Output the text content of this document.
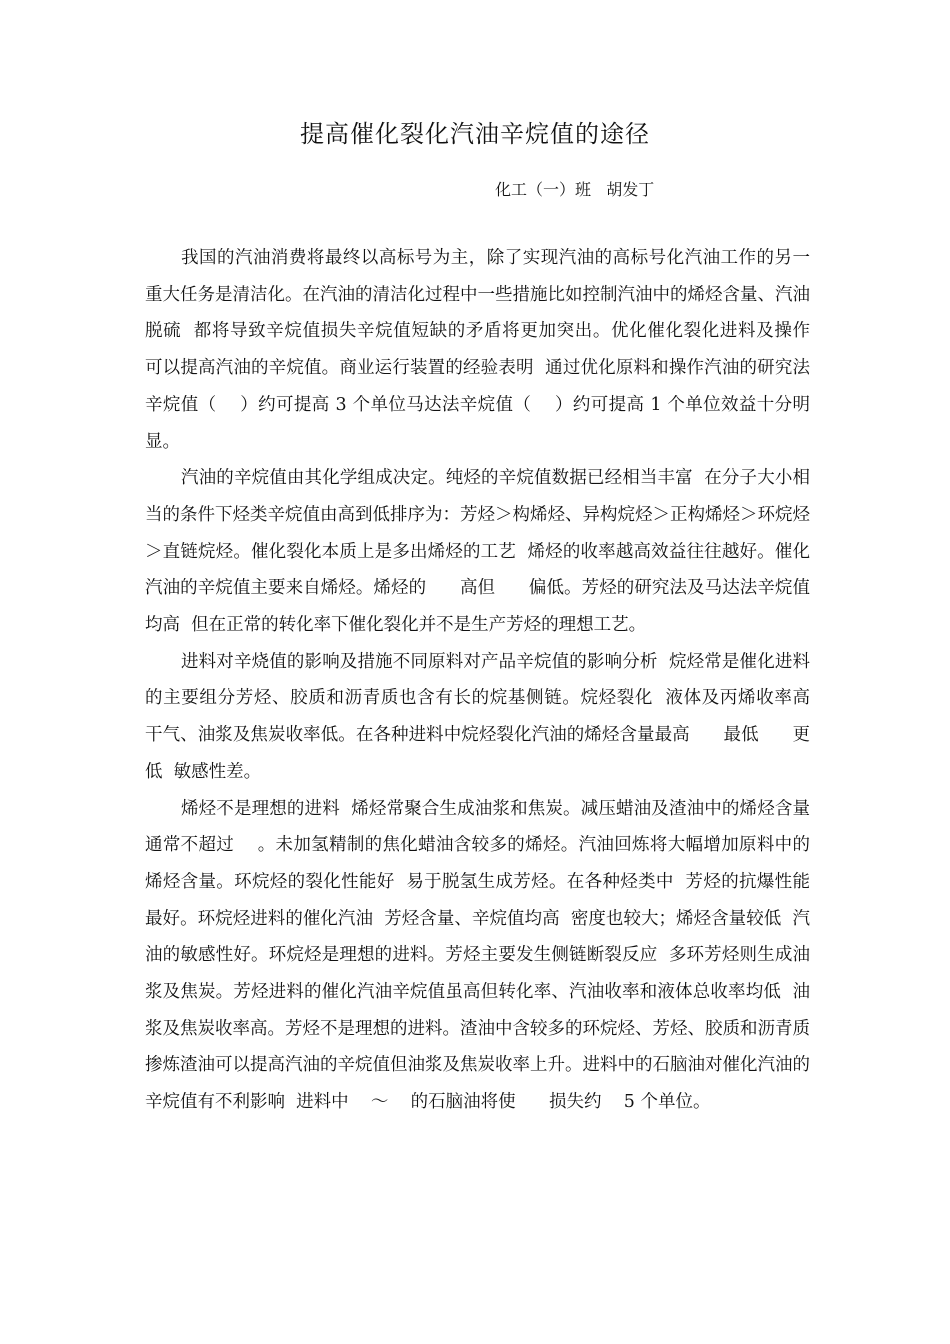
提高催化裂化汽油辛烷值的途径
化工（一）班   胡发丁

我国的汽油消费将最终以高标号为主，除了实现汽油的高标号化汽油工作的另一重大任务是清洁化。在汽油的清洁化过程中一些措施比如控制汽油中的烯烃含量、汽油脱硫  都将导致辛烷值损失辛烷值短缺的矛盾将更加突出。优化催化裂化进料及操作  可以提高汽油的辛烷值。商业运行装置的经验表明  通过优化原料和操作汽油的研究法辛烷值（    ）约可提高 3 个单位马达法辛烷值（    ）约可提高 1 个单位效益十分明显。

汽油的辛烷值由其化学组成决定。纯烃的辛烷值数据已经相当丰富  在分子大小相当的条件下烃类辛烷值由高到低排序为：芳烃＞构烯烃、异构烷烃＞正构烯烃＞环烷烃＞直链烷烃。催化裂化本质上是多出烯烃的工艺  烯烃的收率越高效益往往越好。催化汽油的辛烷值主要来自烯烃。烯烃的      高但      偏低。芳烃的研究法及马达法辛烷值均高  但在正常的转化率下催化裂化并不是生产芳烃的理想工艺。

进料对辛烧值的影响及措施不同原料对产品辛烷值的影响分析  烷烃常是催化进料的主要组分芳烃、胶质和沥青质也含有长的烷基侧链。烷烃裂化  液体及丙烯收率高  干气、油浆及焦炭收率低。在各种进料中烷烃裂化汽油的烯烃含量最高      最低      更低  敏感性差。

烯烃不是理想的进料  烯烃常聚合生成油浆和焦炭。减压蜡油及渣油中的烯烃含量通常不超过    。未加氢精制的焦化蜡油含较多的烯烃。汽油回炼将大幅增加原料中的烯烃含量。环烷烃的裂化性能好  易于脱氢生成芳烃。在各种烃类中  芳烃的抗爆性能最好。环烷烃进料的催化汽油  芳烃含量、辛烷值均高  密度也较大；烯烃含量较低  汽油的敏感性好。环烷烃是理想的进料。芳烃主要发生侧链断裂反应  多环芳烃则生成油浆及焦炭。芳烃进料的催化汽油辛烷值虽高但转化率、汽油收率和液体总收率均低  油浆及焦炭收率高。芳烃不是理想的进料。渣油中含较多的环烷烃、芳烃、胶质和沥青质  掺炼渣油可以提高汽油的辛烷值但油浆及焦炭收率上升。进料中的石脑油对催化汽油的辛烷值有不利影响  进料中    ～    的石脑油将使      损失约    5 个单位。
